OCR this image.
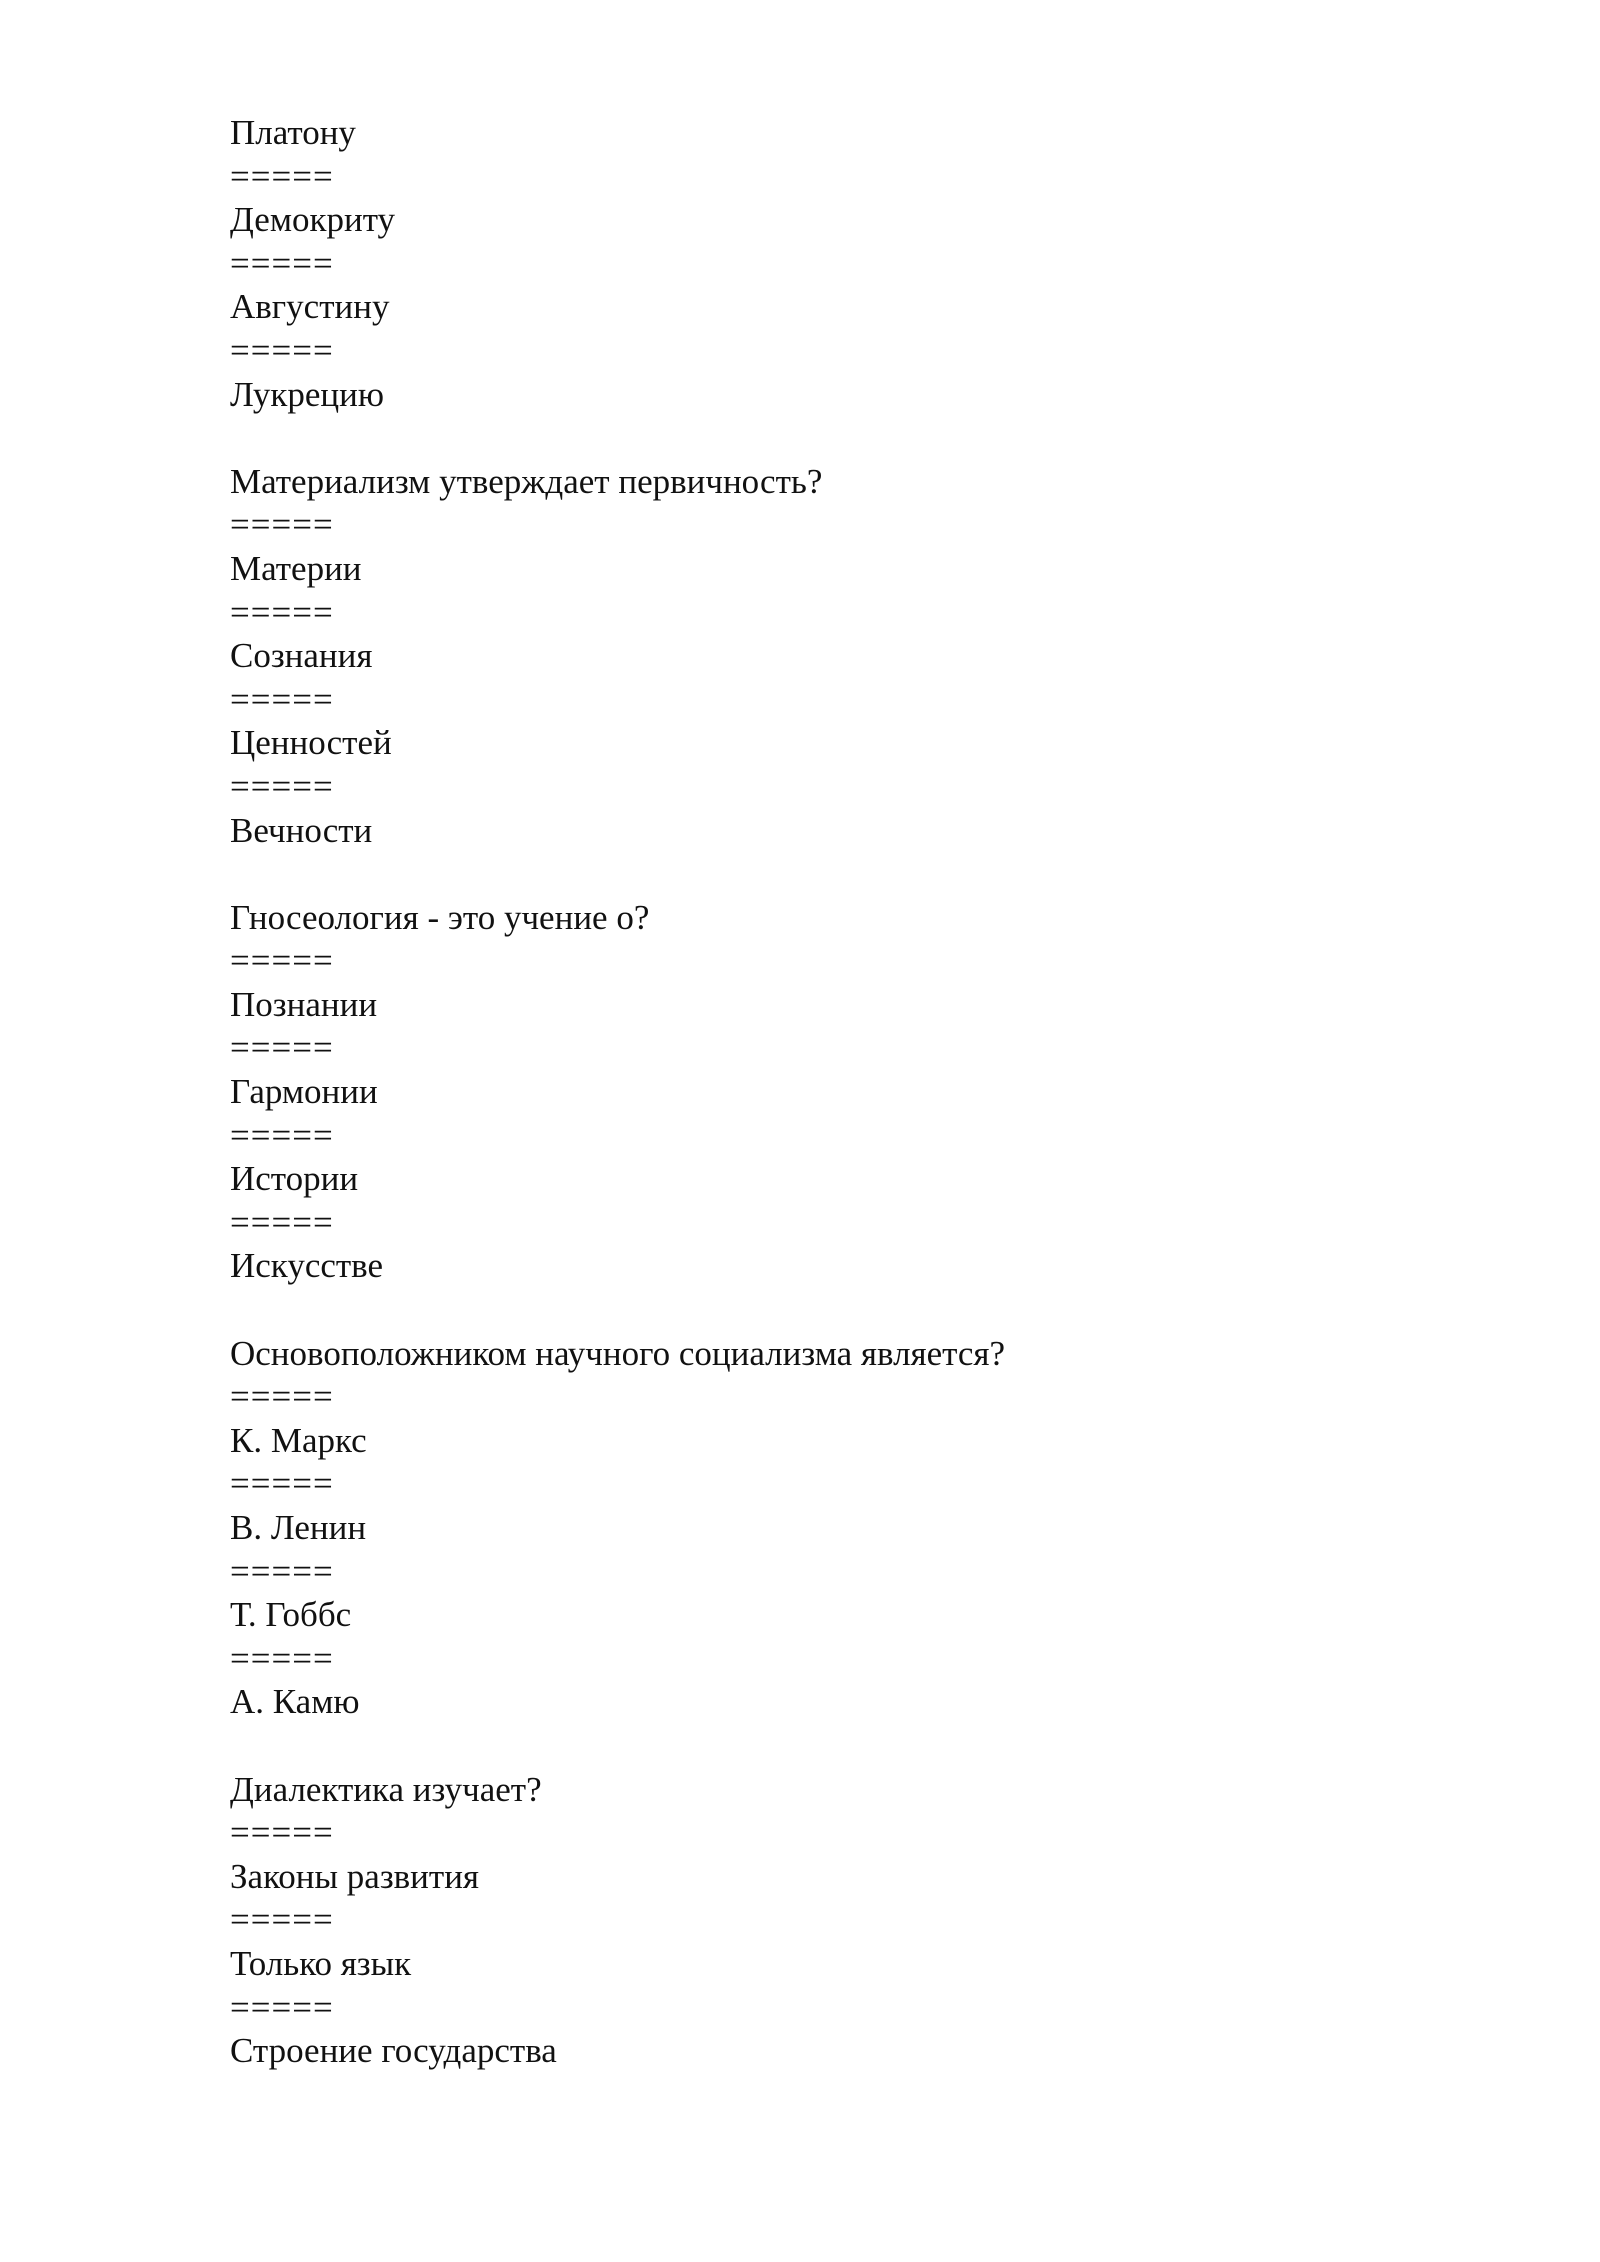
Платону
=====
Демокриту
=====
Августину
=====
Лукрецию
Материализм утверждает первичность?
=====
Материи
=====
Сознания
=====
Ценностей
=====
Вечности
Гносеология - это учение о?
=====
Познании
=====
Гармонии
=====
Истории
=====
Искусстве
Основоположником научного социализма является?
=====
К. Маркс
=====
В. Ленин
=====
Т. Гоббс
=====
А. Камю
Диалектика изучает?
=====
Законы развития
=====
Только язык
=====
Строение государства
